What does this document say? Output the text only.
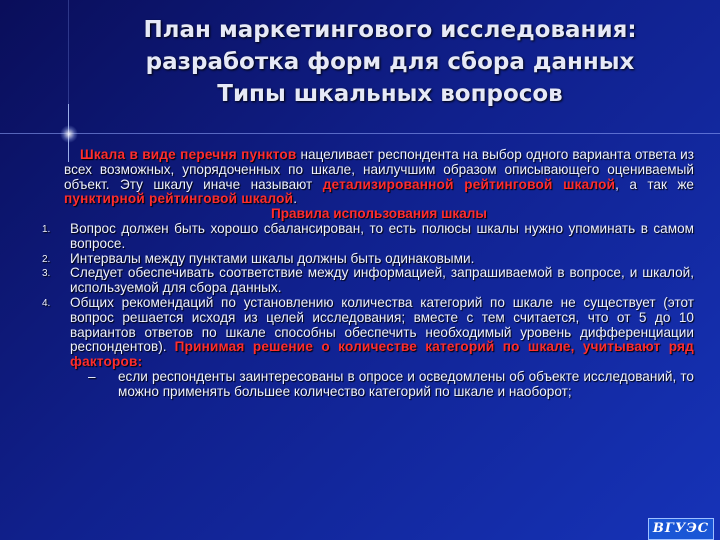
План маркетингового исследования:
разработка форм для сбора данных
Типы шкальных вопросов
Шкала в виде перечня пунктов нацеливает респондента на выбор одного варианта ответа из всех возможных, упорядоченных по шкале, наилучшим образом описывающего оцениваемый объект. Эту шкалу иначе называют детализированной рейтинговой шкалой, а так же пунктирной рейтинговой шкалой.
Правила использования шкалы
1. Вопрос должен быть хорошо сбалансирован, то есть полюсы шкалы нужно упоминать в самом вопросе.
2. Интервалы между пунктами шкалы должны быть одинаковыми.
3. Следует обеспечивать соответствие между информацией, запрашиваемой в вопросе, и шкалой, используемой для сбора данных.
4. Общих рекомендаций по установлению количества категорий по шкале не существует (этот вопрос решается исходя из целей исследования; вместе с тем считается, что от 5 до 10 вариантов ответов по шкале способны обеспечить необходимый уровень дифференциации респондентов). Принимая решение о количестве категорий по шкале, учитывают ряд факторов:
– если респонденты заинтересованы в опросе и осведомлены об объекте исследований, то можно применять большее количество категорий по шкале и наоборот;
ВГУЭС
